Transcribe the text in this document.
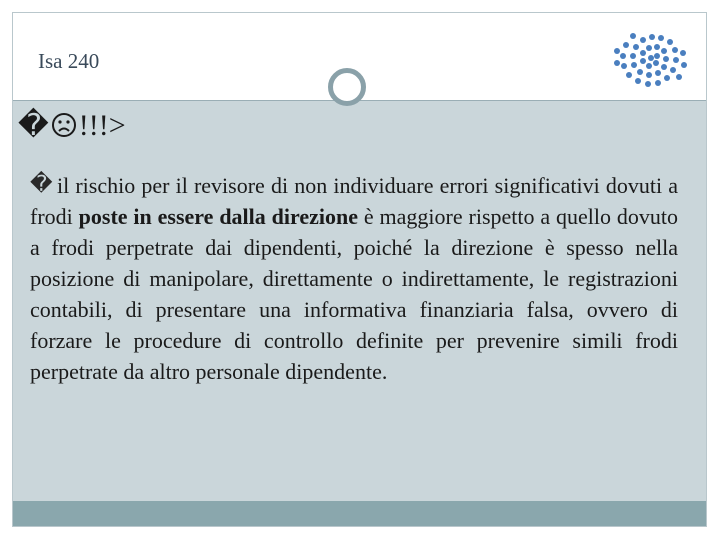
Isa 240
� !!!>
� il rischio per il revisore di non individuare errori significativi dovuti a frodi poste in essere dalla direzione è maggiore rispetto a quello dovuto a frodi perpetrate dai dipendenti, poiché la direzione è spesso nella posizione di manipolare, direttamente o indirettamente, le registrazioni contabili, di presentare una informativa finanziaria falsa, ovvero di forzare le procedure di controllo definite per prevenire simili frodi perpetrate da altro personale dipendente.
